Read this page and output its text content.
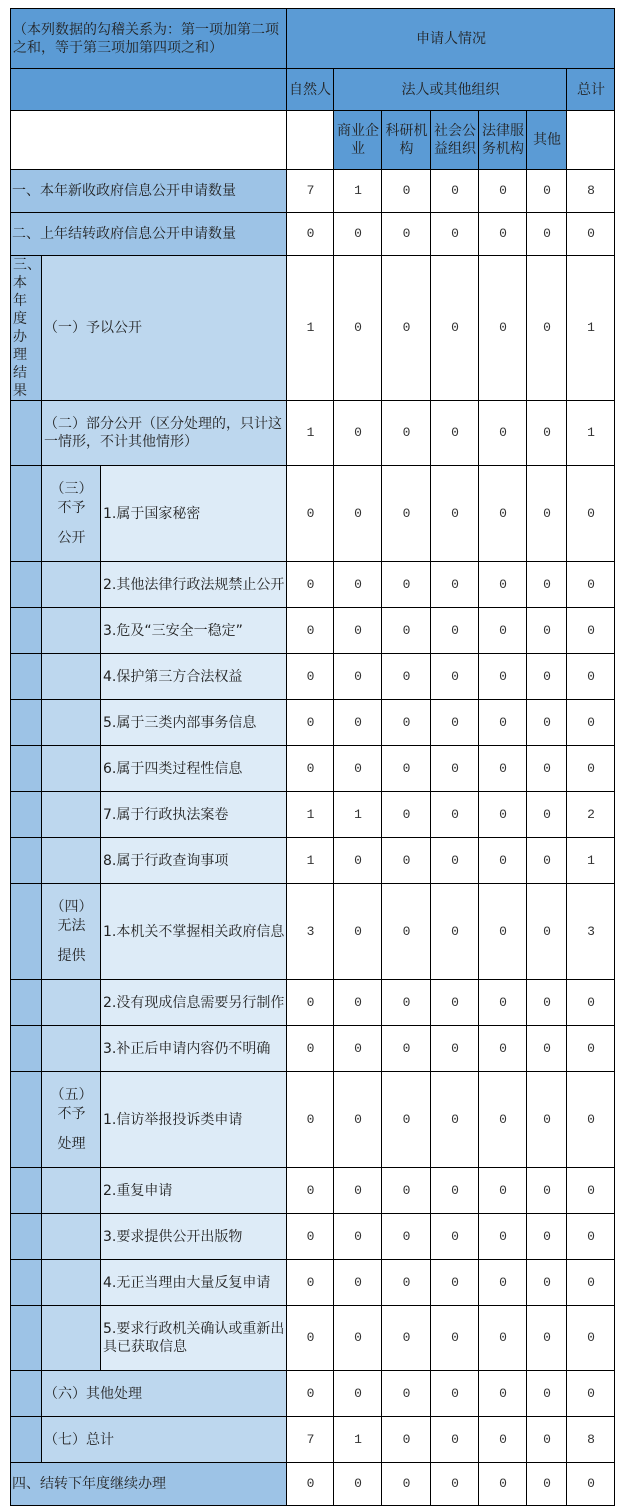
（本列数据的勾稽关系为：第一项加第二项之和，等于第三项加第四项之和）			申请人情况						
			自然人	法人或其他组织					总计
				商业企业	科研机构	社会公益组织	法律服务机构	其他	
一、本年新收政府信息公开申请数量			7	1	0	0	0	0	8
二、上年结转政府信息公开申请数量			0	0	0	0	0	0	0
三、本年度办理结果	（一）予以公开		1	0	0	0	0	0	1
	（二）部分公开（区分处理的，只计这一情形，不计其他情形）		1	0	0	0	0	0	1

	（三）
不予
公开	1.属于国家秘密	0	0	0	0	0	0	0
		2.其他法律行政法规禁止公开	0	0	0	0	0	0	0
		3.危及“三安全一稳定”	0	0	0	0	0	0	0
		4.保护第三方合法权益	0	0	0	0	0	0	0
		5.属于三类内部事务信息	0	0	0	0	0	0	0
		6.属于四类过程性信息	0	0	0	0	0	0	0
		7.属于行政执法案卷	1	1	0	0	0	0	2
		8.属于行政查询事项	1	0	0	0	0	0	1

	（四）
无法
提供	1.本机关不掌握相关政府信息	3	0	0	0	0	0	3
		2.没有现成信息需要另行制作	0	0	0	0	0	0	0
		3.补正后申请内容仍不明确	0	0	0	0	0	0	0

	（五）
不予
处理	1.信访举报投诉类申请	0	0	0	0	0	0	0
		2.重复申请	0	0	0	0	0	0	0
		3.要求提供公开出版物	0	0	0	0	0	0	0
		4.无正当理由大量反复申请	0	0	0	0	0	0	0
		5.要求行政机关确认或重新出具已获取信息	0	0	0	0	0	0	0
	（六）其他处理		0	0	0	0	0	0	0
	（七）总计		7	1	0	0	0	0	8
四、结转下年度继续办理			0	0	0	0	0	0	0
